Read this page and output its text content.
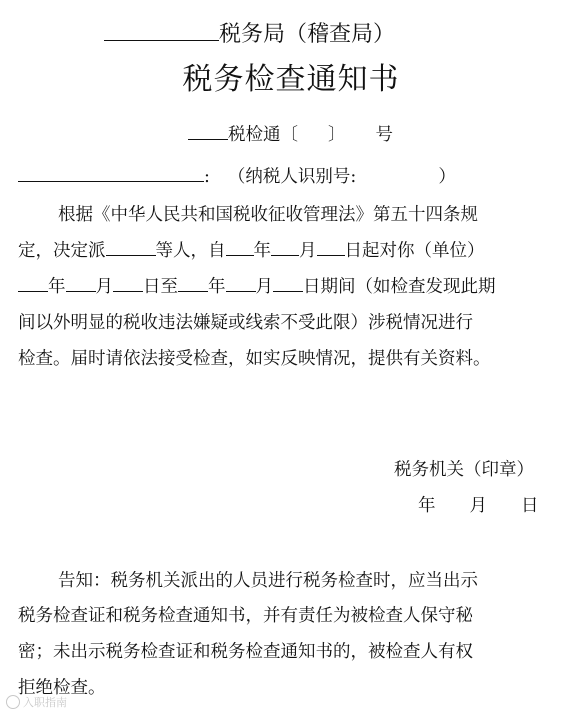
税务局（稽查局）
税务检查通知书
税检通〔 〕 号
: （纳税人识别号:	）
根据《中华人民共和国税收征收管理法》第五十四条规
定，决定派	等人，自 年 月 日起对你（单位）
年 月 日至 年 月 日期间（如检查发现此期
间以外明显的税收违法嫌疑或线索不受此限）涉税情况进行
检查。届时请依法接受检查，如实反映情况，提供有关资料。
税务机关（印章）
年 月 日
告知：税务机关派出的人员进行税务检查时，应当出示
税务检查证和税务检查通知书，并有责任为被检查人保守秘
密；未出示税务检查证和税务检查通知书的，被检查人有权
拒绝检查。
入职指南
